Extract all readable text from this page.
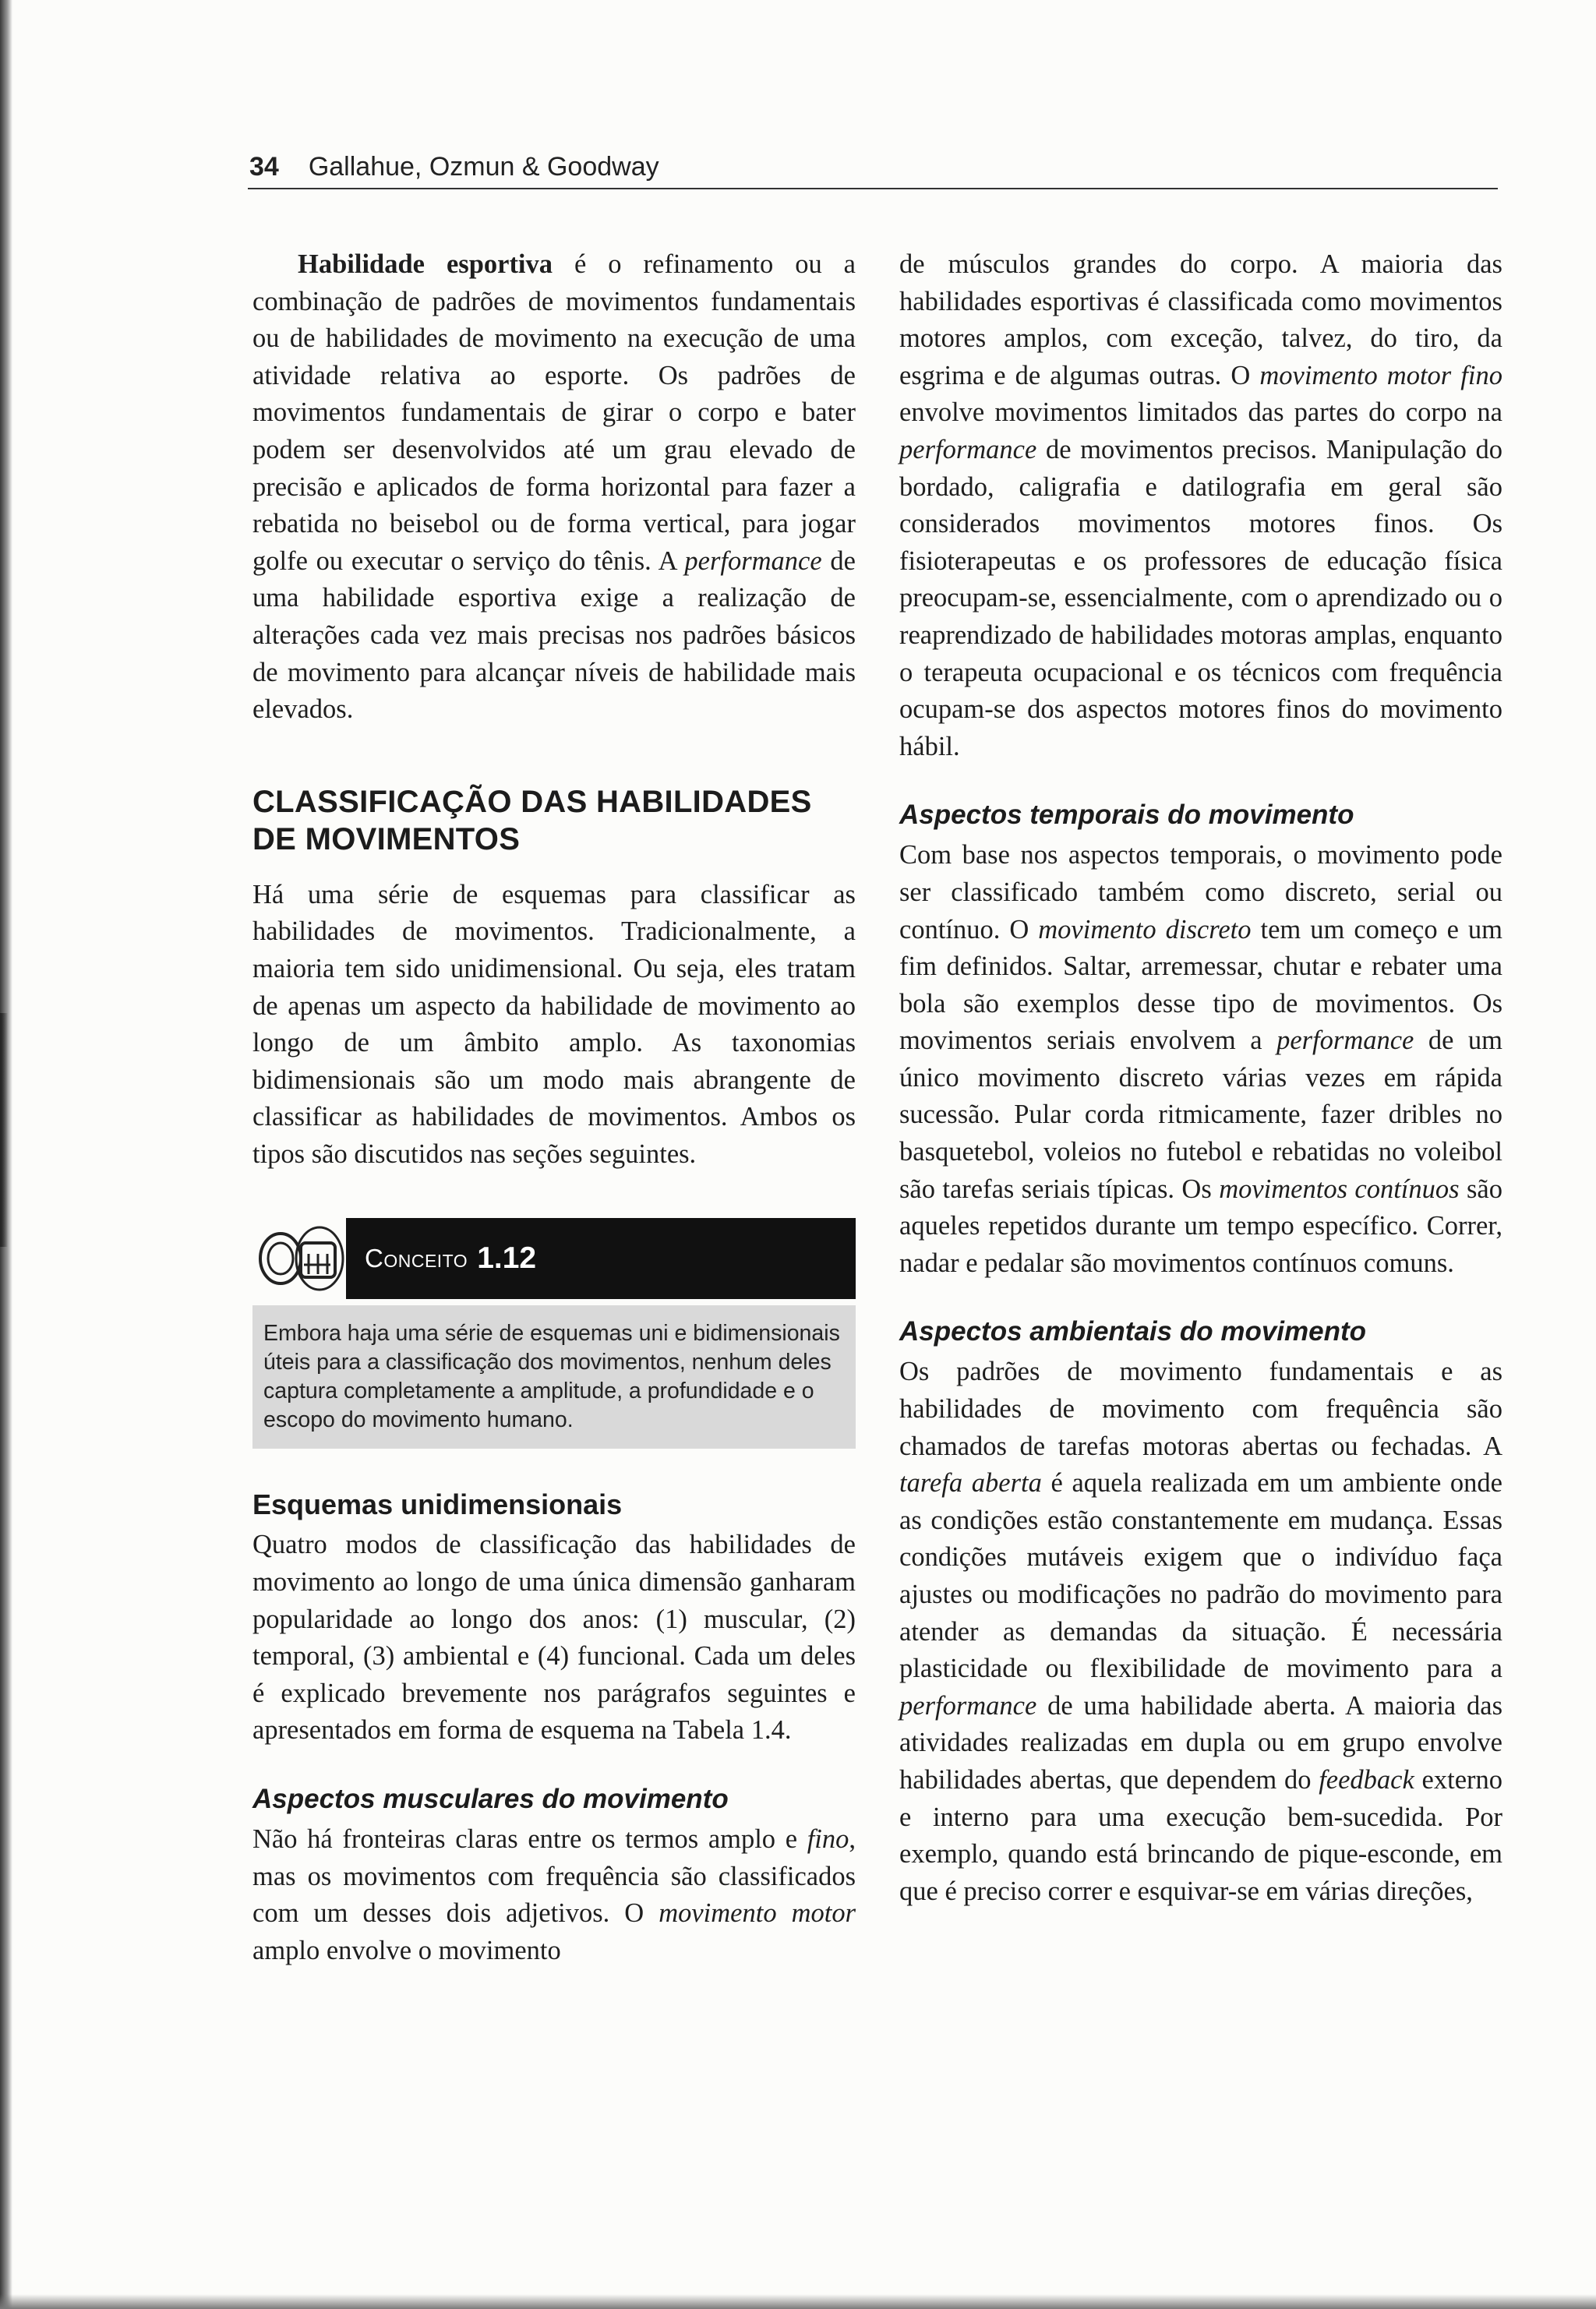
34 Gallahue, Ozmun & Goodway

Habilidade esportiva é o refinamento ou a combinação de padrões de movimentos fundamentais ou de habilidades de movimento na execução de uma atividade relativa ao esporte. Os padrões de movimentos fundamentais de girar o corpo e bater podem ser desenvolvidos até um grau elevado de precisão e aplicados de forma horizontal para fazer a rebatida no beisebol ou de forma vertical, para jogar golfe ou executar o serviço do tênis. A performance de uma habilidade esportiva exige a realização de alterações cada vez mais precisas nos padrões básicos de movimento para alcançar níveis de habilidade mais elevados.

CLASSIFICAÇÃO DAS HABILIDADES
DE MOVIMENTOS

Há uma série de esquemas para classificar as habilidades de movimentos. Tradicionalmente, a maioria tem sido unidimensional. Ou seja, eles tratam de apenas um aspecto da habilidade de movimento ao longo de um âmbito amplo. As taxonomias bidimensionais são um modo mais abrangente de classificar as habilidades de movimentos. Ambos os tipos são discutidos nas seções seguintes.

Conceito 1.12
Embora haja uma série de esquemas uni e bidimensionais úteis para a classificação dos movimentos, nenhum deles captura completamente a amplitude, a profundidade e o escopo do movimento humano.
Esquemas unidimensionais

Quatro modos de classificação das habilidades de movimento ao longo de uma única dimensão ganharam popularidade ao longo dos anos: (1) muscular, (2) temporal, (3) ambiental e (4) funcional. Cada um deles é explicado brevemente nos parágrafos seguintes e apresentados em forma de esquema na Tabela 1.4.

Aspectos musculares do movimento

Não há fronteiras claras entre os termos amplo e fino, mas os movimentos com frequência são classificados com um desses dois adjetivos. O movimento motor amplo envolve o movimento

de músculos grandes do corpo. A maioria das habilidades esportivas é classificada como movimentos motores amplos, com exceção, talvez, do tiro, da esgrima e de algumas outras. O movimento motor fino envolve movimentos limitados das partes do corpo na performance de movimentos precisos. Manipulação do bordado, caligrafia e datilografia em geral são considerados movimentos motores finos. Os fisioterapeutas e os professores de educação física preocupam-se, essencialmente, com o aprendizado ou o reaprendizado de habilidades motoras amplas, enquanto o terapeuta ocupacional e os técnicos com frequência ocupam-se dos aspectos motores finos do movimento hábil.

Aspectos temporais do movimento

Com base nos aspectos temporais, o movimento pode ser classificado também como discreto, serial ou contínuo. O movimento discreto tem um começo e um fim definidos. Saltar, arremessar, chutar e rebater uma bola são exemplos desse tipo de movimentos. Os movimentos seriais envolvem a performance de um único movimento discreto várias vezes em rápida sucessão. Pular corda ritmicamente, fazer dribles no basquetebol, voleios no futebol e rebatidas no voleibol são tarefas seriais típicas. Os movimentos contínuos são aqueles repetidos durante um tempo específico. Correr, nadar e pedalar são movimentos contínuos comuns.

Aspectos ambientais do movimento

Os padrões de movimento fundamentais e as habilidades de movimento com frequência são chamados de tarefas motoras abertas ou fechadas. A tarefa aberta é aquela realizada em um ambiente onde as condições estão constantemente em mudança. Essas condições mutáveis exigem que o indivíduo faça ajustes ou modificações no padrão do movimento para atender as demandas da situação. É necessária plasticidade ou flexibilidade de movimento para a performance de uma habilidade aberta. A maioria das atividades realizadas em dupla ou em grupo envolve habilidades abertas, que dependem do feedback externo e interno para uma execução bem-sucedida. Por exemplo, quando está brincando de pique-esconde, em que é preciso correr e esquivar-se em várias direções,
